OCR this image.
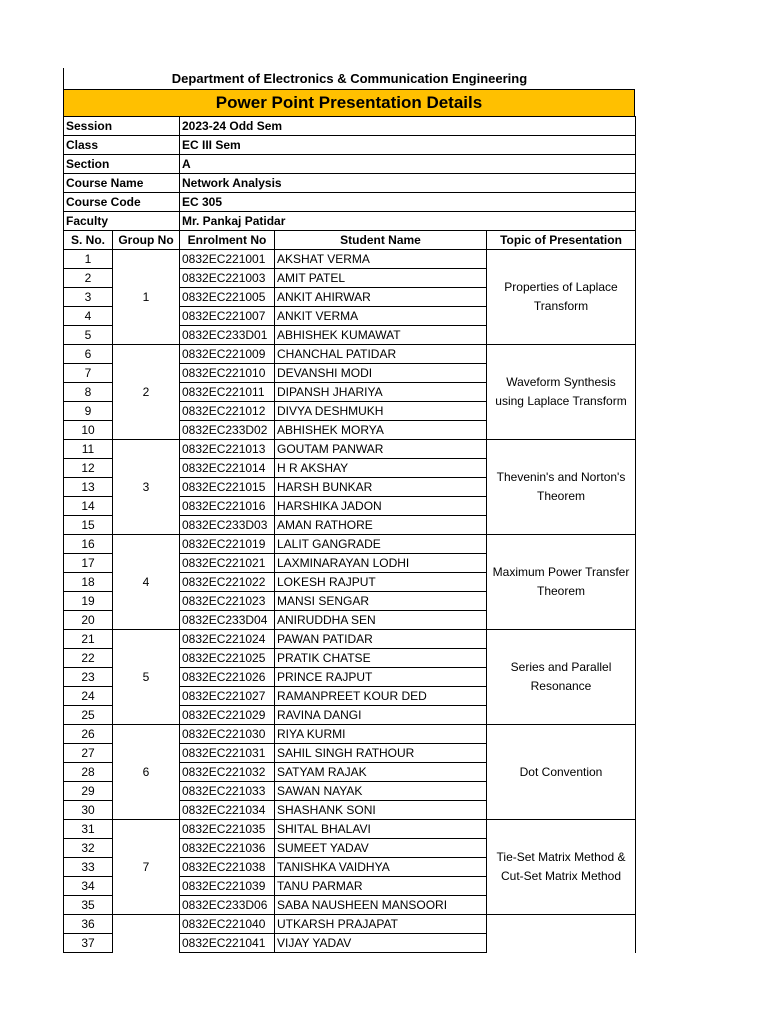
Department of Electronics & Communication Engineering
Power Point Presentation Details
Session		2023-24 Odd Sem		
Class		EC III Sem		
Section		A		
Course Name		Network Analysis		
Course Code		EC 305		
Faculty		Mr. Pankaj Patidar		
S. No.	Group No	Enrolment No	Student Name	Topic of Presentation
1	1	0832EC221001	AKSHAT VERMA	Properties of Laplace Transform
2		0832EC221003	AMIT PATEL	
3		0832EC221005	ANKIT AHIRWAR	
4		0832EC221007	ANKIT VERMA	
5		0832EC233D01	ABHISHEK KUMAWAT	
6	2	0832EC221009	CHANCHAL PATIDAR	Waveform Synthesis using Laplace Transform
7		0832EC221010	DEVANSHI MODI	
8		0832EC221011	DIPANSH JHARIYA	
9		0832EC221012	DIVYA DESHMUKH	
10		0832EC233D02	ABHISHEK MORYA	
11	3	0832EC221013	GOUTAM PANWAR	Thevenin's and Norton's Theorem
12		0832EC221014	H R AKSHAY	
13		0832EC221015	HARSH BUNKAR	
14		0832EC221016	HARSHIKA JADON	
15		0832EC233D03	AMAN RATHORE	
16	4	0832EC221019	LALIT GANGRADE	Maximum Power Transfer Theorem
17		0832EC221021	LAXMINARAYAN LODHI	
18		0832EC221022	LOKESH RAJPUT	
19		0832EC221023	MANSI SENGAR	
20		0832EC233D04	ANIRUDDHA SEN	
21	5	0832EC221024	PAWAN PATIDAR	Series and Parallel Resonance
22		0832EC221025	PRATIK CHATSE	
23		0832EC221026	PRINCE RAJPUT	
24		0832EC221027	RAMANPREET KOUR DED	
25		0832EC221029	RAVINA DANGI	
26	6	0832EC221030	RIYA KURMI	Dot Convention
27		0832EC221031	SAHIL SINGH RATHOUR	
28		0832EC221032	SATYAM RAJAK	
29		0832EC221033	SAWAN NAYAK	
30		0832EC221034	SHASHANK SONI	
31	7	0832EC221035	SHITAL BHALAVI	Tie-Set Matrix Method & Cut-Set Matrix Method
32		0832EC221036	SUMEET YADAV	
33		0832EC221038	TANISHKA VAIDHYA	
34		0832EC221039	TANU PARMAR	
35		0832EC233D06	SABA NAUSHEEN MANSOORI	
36		0832EC221040	UTKARSH PRAJAPAT	
37		0832EC221041	VIJAY YADAV	
